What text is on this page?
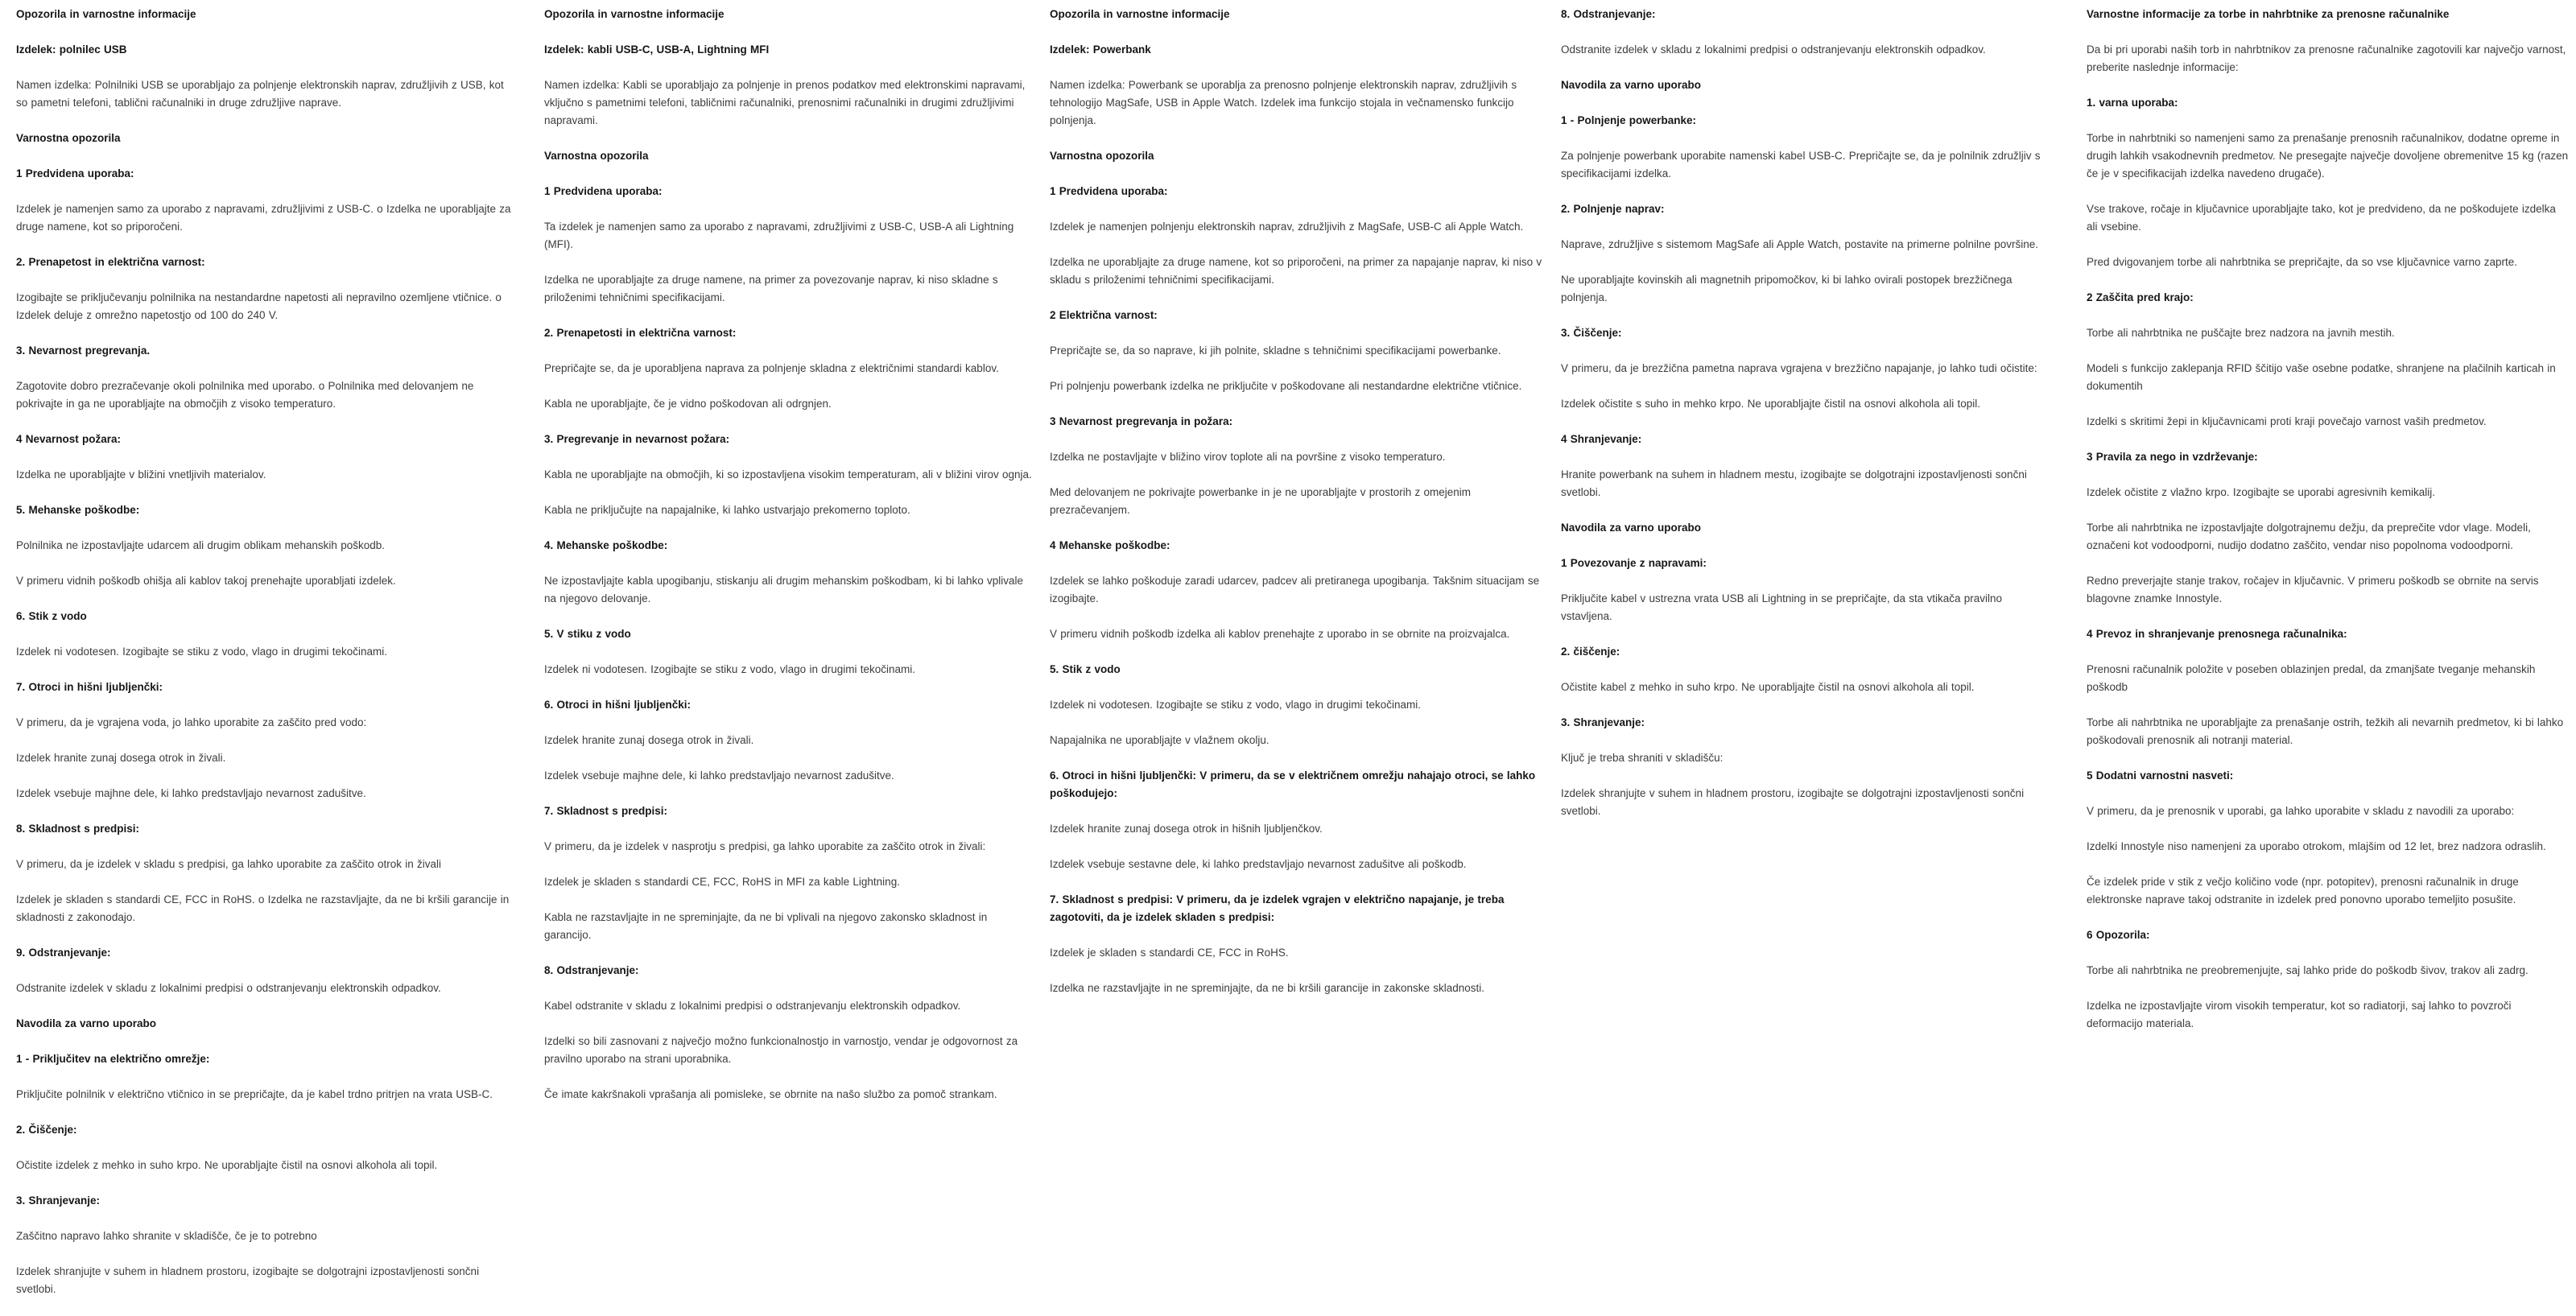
Opozorila in varnostne informacije

Izdelek: polnilec USB

Namen izdelka: Polnilniki USB se uporabljajo za polnjenje elektronskih naprav, združljivih z USB, kot so pametni telefoni, tablični računalniki in druge združljive naprave.

Varnostna opozorila

1 Predvidena uporaba:

Izdelek je namenjen samo za uporabo z napravami, združljivimi z USB-C. o Izdelka ne uporabljajte za druge namene, kot so priporočeni.

2. Prenapetost in električna varnost:

Izogibajte se priključevanju polnilnika na nestandardne napetosti ali nepravilno ozemljene vtičnice. o Izdelek deluje z omrežno napetostjo od 100 do 240 V.

3. Nevarnost pregrevanja.

Zagotovite dobro prezračevanje okoli polnilnika med uporabo. o Polnilnika med delovanjem ne pokrivajte in ga ne uporabljajte na območjih z visoko temperaturo.

4 Nevarnost požara:

Izdelka ne uporabljajte v bližini vnetljivih materialov.

5. Mehanske poškodbe:

Polnilnika ne izpostavljajte udarcem ali drugim oblikam mehanskih poškodb.

V primeru vidnih poškodb ohišja ali kablov takoj prenehajte uporabljati izdelek.

6. Stik z vodo

Izdelek ni vodotesen. Izogibajte se stiku z vodo, vlago in drugimi tekočinami.

7. Otroci in hišni ljubljenčki:

V primeru, da je vgrajena voda, jo lahko uporabite za zaščito pred vodo:

Izdelek hranite zunaj dosega otrok in živali.

Izdelek vsebuje majhne dele, ki lahko predstavljajo nevarnost zadušitve.

8. Skladnost s predpisi:

V primeru, da je izdelek v skladu s predpisi, ga lahko uporabite za zaščito otrok in živali

Izdelek je skladen s standardi CE, FCC in RoHS. o Izdelka ne razstavljajte, da ne bi kršili garancije in skladnosti z zakonodajo.

9. Odstranjevanje:

Odstranite izdelek v skladu z lokalnimi predpisi o odstranjevanju elektronskih odpadkov.

Navodila za varno uporabo

1 - Priključitev na električno omrežje:

Priključite polnilnik v električno vtičnico in se prepričajte, da je kabel trdno pritrjen na vrata USB-C.

2. Čiščenje:

Očistite izdelek z mehko in suho krpo. Ne uporabljajte čistil na osnovi alkohola ali topil.

3. Shranjevanje:

Zaščitno napravo lahko shranite v skladišče, če je to potrebno

Izdelek shranjujte v suhem in hladnem prostoru, izogibajte se dolgotrajni izpostavljenosti sončni svetlobi.

Opozorila in varnostne informacije

Izdelek: kabli USB-C, USB-A, Lightning MFI

Namen izdelka: Kabli se uporabljajo za polnjenje in prenos podatkov med elektronskimi napravami, vključno s pametnimi telefoni, tabličnimi računalniki, prenosnimi računalniki in drugimi združljivimi napravami.

Varnostna opozorila

1 Predvidena uporaba:

Ta izdelek je namenjen samo za uporabo z napravami, združljivimi z USB-C, USB-A ali Lightning (MFI).

Izdelka ne uporabljajte za druge namene, na primer za povezovanje naprav, ki niso skladne s priloženimi tehničnimi specifikacijami.

2. Prenapetosti in električna varnost:

Prepričajte se, da je uporabljena naprava za polnjenje skladna z električnimi standardi kablov.

Kabla ne uporabljajte, če je vidno poškodovan ali odrgnjen.

3. Pregrevanje in nevarnost požara:

Kabla ne uporabljajte na območjih, ki so izpostavljena visokim temperaturam, ali v bližini virov ognja.

Kabla ne priključujte na napajalnike, ki lahko ustvarjajo prekomerno toploto.

4. Mehanske poškodbe:

Ne izpostavljajte kabla upogibanju, stiskanju ali drugim mehanskim poškodbam, ki bi lahko vplivale na njegovo delovanje.

5. V stiku z vodo

Izdelek ni vodotesen. Izogibajte se stiku z vodo, vlago in drugimi tekočinami.

6. Otroci in hišni ljubljenčki:

Izdelek hranite zunaj dosega otrok in živali.

Izdelek vsebuje majhne dele, ki lahko predstavljajo nevarnost zadušitve.

7. Skladnost s predpisi:

V primeru, da je izdelek v nasprotju s predpisi, ga lahko uporabite za zaščito otrok in živali:

Izdelek je skladen s standardi CE, FCC, RoHS in MFI za kable Lightning.

Kabla ne razstavljajte in ne spreminjajte, da ne bi vplivali na njegovo zakonsko skladnost in garancijo.

8. Odstranjevanje:

Kabel odstranite v skladu z lokalnimi predpisi o odstranjevanju elektronskih odpadkov.

Izdelki so bili zasnovani z največjo možno funkcionalnostjo in varnostjo, vendar je odgovornost za pravilno uporabo na strani uporabnika.

Če imate kakršnakoli vprašanja ali pomisleke, se obrnite na našo službo za pomoč strankam.

Opozorila in varnostne informacije

Izdelek: Powerbank

Namen izdelka: Powerbank se uporablja za prenosno polnjenje elektronskih naprav, združljivih s tehnologijo MagSafe, USB in Apple Watch. Izdelek ima funkcijo stojala in večnamensko funkcijo polnjenja.

Varnostna opozorila

1 Predvidena uporaba:

Izdelek je namenjen polnjenju elektronskih naprav, združljivih z MagSafe, USB-C ali Apple Watch.

Izdelka ne uporabljajte za druge namene, kot so priporočeni, na primer za napajanje naprav, ki niso v skladu s priloženimi tehničnimi specifikacijami.

2 Električna varnost:

Prepričajte se, da so naprave, ki jih polnite, skladne s tehničnimi specifikacijami powerbanke.

Pri polnjenju powerbank izdelka ne priključite v poškodovane ali nestandardne električne vtičnice.

3 Nevarnost pregrevanja in požara:

Izdelka ne postavljajte v bližino virov toplote ali na površine z visoko temperaturo.

Med delovanjem ne pokrivajte powerbanke in je ne uporabljajte v prostorih z omejenim prezračevanjem.

4 Mehanske poškodbe:

Izdelek se lahko poškoduje zaradi udarcev, padcev ali pretiranega upogibanja. Takšnim situacijam se izogibajte.

V primeru vidnih poškodb izdelka ali kablov prenehajte z uporabo in se obrnite na proizvajalca.

5. Stik z vodo

Izdelek ni vodotesen. Izogibajte se stiku z vodo, vlago in drugimi tekočinami.

Napajalnika ne uporabljajte v vlažnem okolju.

6. Otroci in hišni ljubljenčki: V primeru, da se v električnem omrežju nahajajo otroci, se lahko poškodujejo:

Izdelek hranite zunaj dosega otrok in hišnih ljubljenčkov.

Izdelek vsebuje sestavne dele, ki lahko predstavljajo nevarnost zadušitve ali poškodb.

7. Skladnost s predpisi: V primeru, da je izdelek vgrajen v električno napajanje, je treba zagotoviti, da je izdelek skladen s predpisi:

Izdelek je skladen s standardi CE, FCC in RoHS.

Izdelka ne razstavljajte in ne spreminjajte, da ne bi kršili garancije in zakonske skladnosti.

8. Odstranjevanje:

Odstranite izdelek v skladu z lokalnimi predpisi o odstranjevanju elektronskih odpadkov.

Navodila za varno uporabo

1 - Polnjenje powerbanke:

Za polnjenje powerbank uporabite namenski kabel USB-C. Prepričajte se, da je polnilnik združljiv s specifikacijami izdelka.

2. Polnjenje naprav:

Naprave, združljive s sistemom MagSafe ali Apple Watch, postavite na primerne polnilne površine.

Ne uporabljajte kovinskih ali magnetnih pripomočkov, ki bi lahko ovirali postopek brezžičnega polnjenja.

3. Čiščenje:

V primeru, da je brezžična pametna naprava vgrajena v brezžično napajanje, jo lahko tudi očistite:

Izdelek očistite s suho in mehko krpo. Ne uporabljajte čistil na osnovi alkohola ali topil.

4 Shranjevanje:

Hranite powerbank na suhem in hladnem mestu, izogibajte se dolgotrajni izpostavljenosti sončni svetlobi.

Navodila za varno uporabo

1 Povezovanje z napravami:

Priključite kabel v ustrezna vrata USB ali Lightning in se prepričajte, da sta vtikača pravilno vstavljena.

2. čiščenje:

Očistite kabel z mehko in suho krpo. Ne uporabljajte čistil na osnovi alkohola ali topil.

3. Shranjevanje:

Ključ je treba shraniti v skladišču:

Izdelek shranjujte v suhem in hladnem prostoru, izogibajte se dolgotrajni izpostavljenosti sončni svetlobi.

Varnostne informacije za torbe in nahrbtnike za prenosne računalnike

Da bi pri uporabi naših torb in nahrbtnikov za prenosne računalnike zagotovili kar največjo varnost, preberite naslednje informacije:

1. varna uporaba:

Torbe in nahrbtniki so namenjeni samo za prenašanje prenosnih računalnikov, dodatne opreme in drugih lahkih vsakodnevnih predmetov. Ne presegajte največje dovoljene obremenitve 15 kg (razen če je v specifikacijah izdelka navedeno drugače).

Vse trakove, ročaje in ključavnice uporabljajte tako, kot je predvideno, da ne poškodujete izdelka ali vsebine.

Pred dvigovanjem torbe ali nahrbtnika se prepričajte, da so vse ključavnice varno zaprte.

2 Zaščita pred krajo:

Torbe ali nahrbtnika ne puščajte brez nadzora na javnih mestih.

Modeli s funkcijo zaklepanja RFID ščitijo vaše osebne podatke, shranjene na plačilnih karticah in dokumentih

Izdelki s skritimi žepi in ključavnicami proti kraji povečajo varnost vaših predmetov.

3 Pravila za nego in vzdrževanje:

Izdelek očistite z vlažno krpo. Izogibajte se uporabi agresivnih kemikalij.

Torbe ali nahrbtnika ne izpostavljajte dolgotrajnemu dežju, da preprečite vdor vlage. Modeli, označeni kot vodoodporni, nudijo dodatno zaščito, vendar niso popolnoma vodoodporni.

Redno preverjajte stanje trakov, ročajev in ključavnic. V primeru poškodb se obrnite na servis blagovne znamke Innostyle.

4 Prevoz in shranjevanje prenosnega računalnika:

Prenosni računalnik položite v poseben oblazinjen predal, da zmanjšate tveganje mehanskih poškodb

Torbe ali nahrbtnika ne uporabljajte za prenašanje ostrih, težkih ali nevarnih predmetov, ki bi lahko poškodovali prenosnik ali notranji material.

5 Dodatni varnostni nasveti:

V primeru, da je prenosnik v uporabi, ga lahko uporabite v skladu z navodili za uporabo:

Izdelki Innostyle niso namenjeni za uporabo otrokom, mlajšim od 12 let, brez nadzora odraslih.

Če izdelek pride v stik z večjo količino vode (npr. potopitev), prenosni računalnik in druge elektronske naprave takoj odstranite in izdelek pred ponovno uporabo temeljito posušite.

6 Opozorila:

Torbe ali nahrbtnika ne preobremenjujte, saj lahko pride do poškodb šivov, trakov ali zadrg.

Izdelka ne izpostavljajte virom visokih temperatur, kot so radiatorji, saj lahko to povzroči deformacijo materiala.
